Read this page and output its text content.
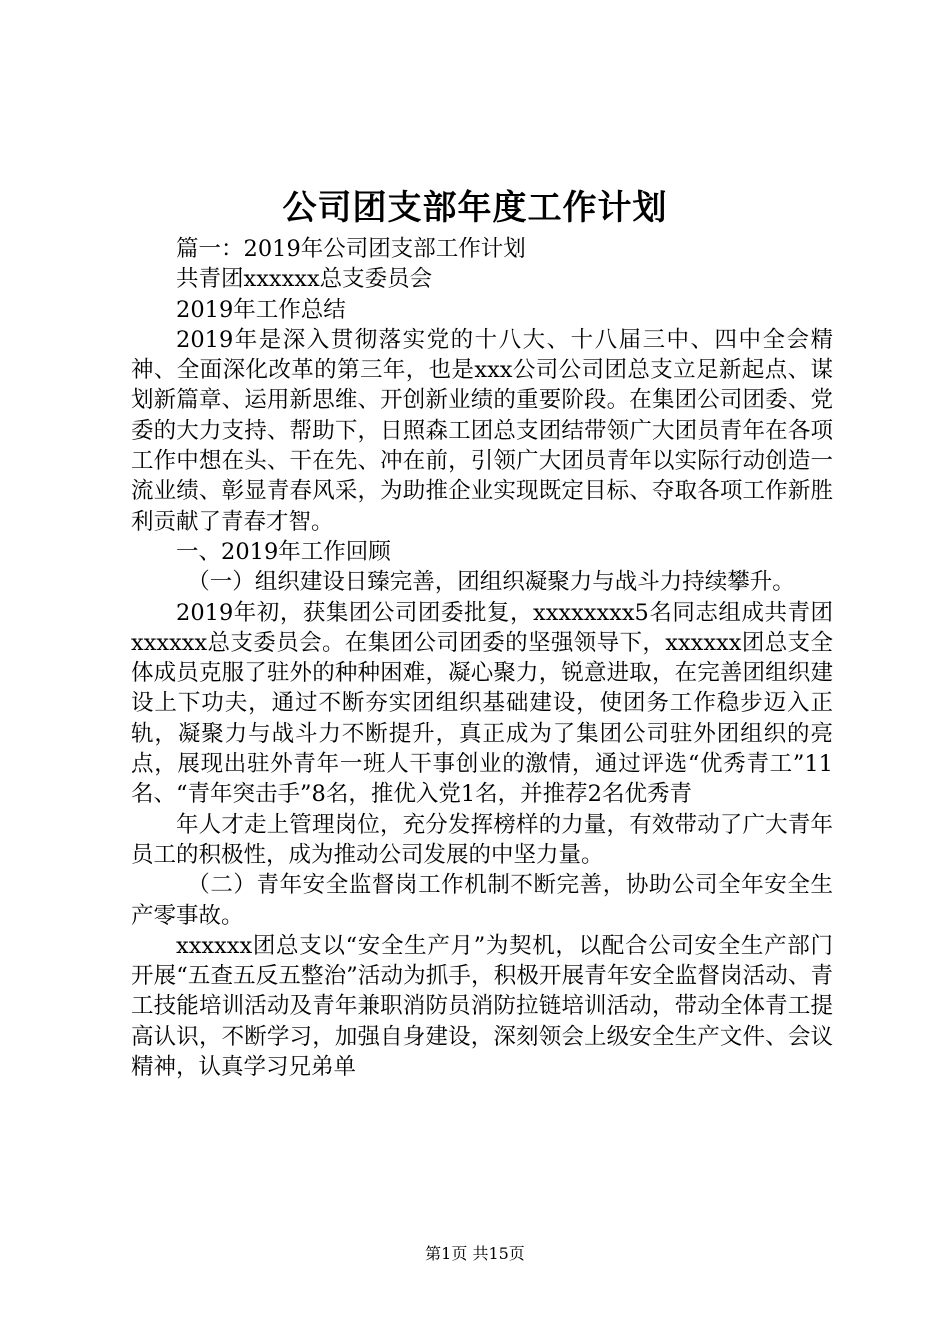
公司团支部年度工作计划

篇一：2019年公司团支部工作计划

共青团xxxxxx总支委员会

2019年工作总结

2019年是深入贯彻落实党的十八大、十八届三中、四中全会精神、全面深化改革的第三年，也是xxx公司公司团总支立足新起点、谋划新篇章、运用新思维、开创新业绩的重要阶段。在集团公司团委、党委的大力支持、帮助下，日照森工团总支团结带领广大团员青年在各项工作中想在头、干在先、冲在前，引领广大团员青年以实际行动创造一流业绩、彰显青春风采，为助推企业实现既定目标、夺取各项工作新胜利贡献了青春才智。

一、2019年工作回顾

（一）组织建设日臻完善，团组织凝聚力与战斗力持续攀升。

2019年初，获集团公司团委批复，xxxxxxxx5名同志组成共青团xxxxxx总支委员会。在集团公司团委的坚强领导下，xxxxxx团总支全体成员克服了驻外的种种困难，凝心聚力，锐意进取，在完善团组织建设上下功夫，通过不断夯实团组织基础建设，使团务工作稳步迈入正轨，凝聚力与战斗力不断提升，真正成为了集团公司驻外团组织的亮点，展现出驻外青年一班人干事创业的激情，通过评选“优秀青工”11名、“青年突击手”8名，推优入党1名，并推荐2名优秀青

年人才走上管理岗位，充分发挥榜样的力量，有效带动了广大青年员工的积极性，成为推动公司发展的中坚力量。

（二）青年安全监督岗工作机制不断完善，协助公司全年安全生产零事故。

xxxxxx团总支以“安全生产月”为契机，以配合公司安全生产部门开展“五查五反五整治”活动为抓手，积极开展青年安全监督岗活动、青工技能培训活动及青年兼职消防员消防拉链培训活动，带动全体青工提高认识，不断学习，加强自身建设，深刻领会上级安全生产文件、会议精神，认真学习兄弟单

第1页 共15页
